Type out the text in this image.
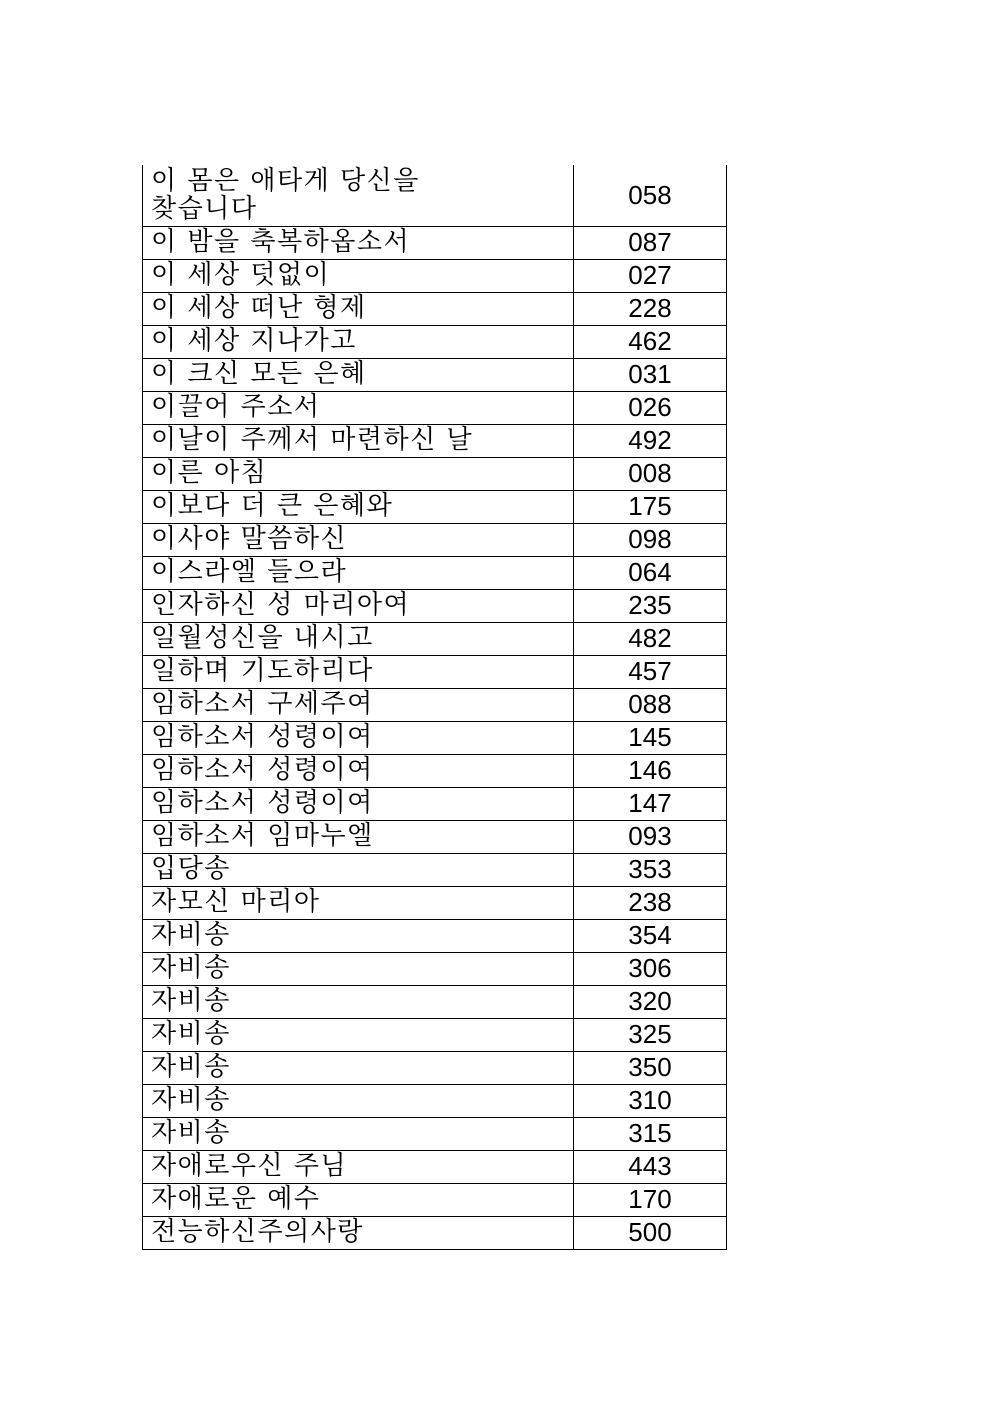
이 몸은 애타게 당신을
찾습니다	058
이 밤을 축복하옵소서	087
이 세상 덧없이	027
이 세상 떠난 형제	228
이 세상 지나가고	462
이 크신 모든 은혜	031
이끌어 주소서	026
이날이 주께서 마련하신 날	492
이른 아침	008
이보다 더 큰 은혜와	175
이사야 말씀하신	098
이스라엘 들으라	064
인자하신 성 마리아여	235
일월성신을 내시고	482
일하며 기도하리다	457
임하소서 구세주여	088
임하소서 성령이여	145
임하소서 성령이여	146
임하소서 성령이여	147
임하소서 임마누엘	093
입당송	353
자모신 마리아	238
자비송	354
자비송	306
자비송	320
자비송	325
자비송	350
자비송	310
자비송	315
자애로우신 주님	443
자애로운 예수	170
전능하신주의사랑	500
